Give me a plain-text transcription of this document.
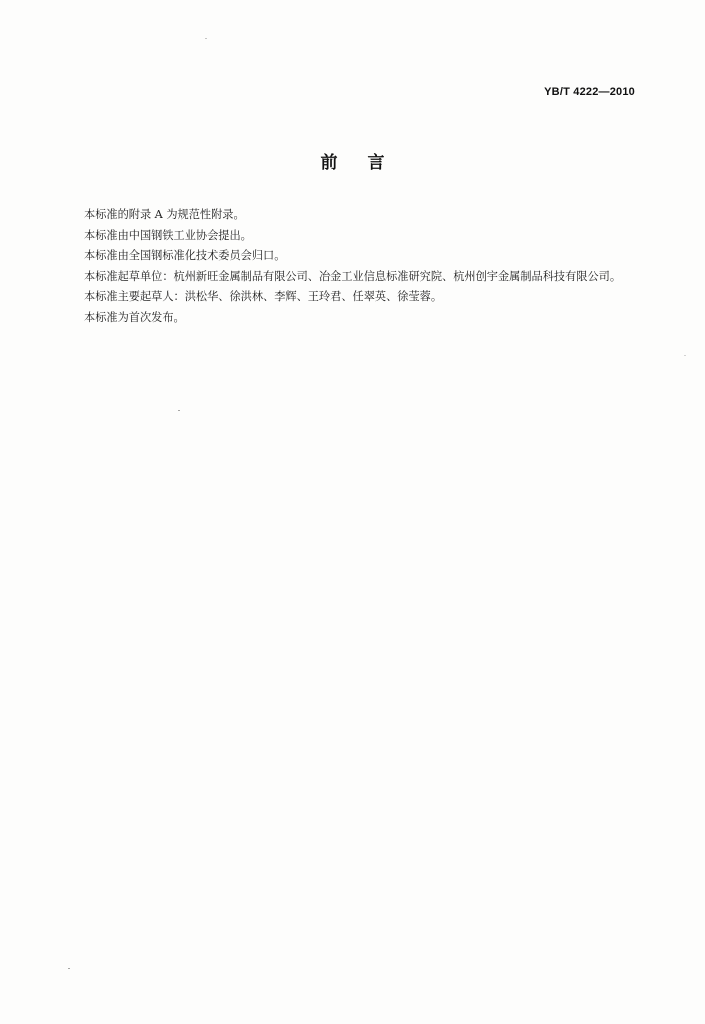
YB/T 4222—2010
前言

本标准的附录 A 为规范性附录。

本标准由中国钢铁工业协会提出。

本标准由全国钢标准化技术委员会归口。

本标准起草单位：杭州新旺金属制品有限公司、冶金工业信息标准研究院、杭州创宇金属制品科技有限公司。

本标准主要起草人：洪松华、徐洪林、李辉、王玲君、任翠英、徐莹蓉。

本标准为首次发布。
